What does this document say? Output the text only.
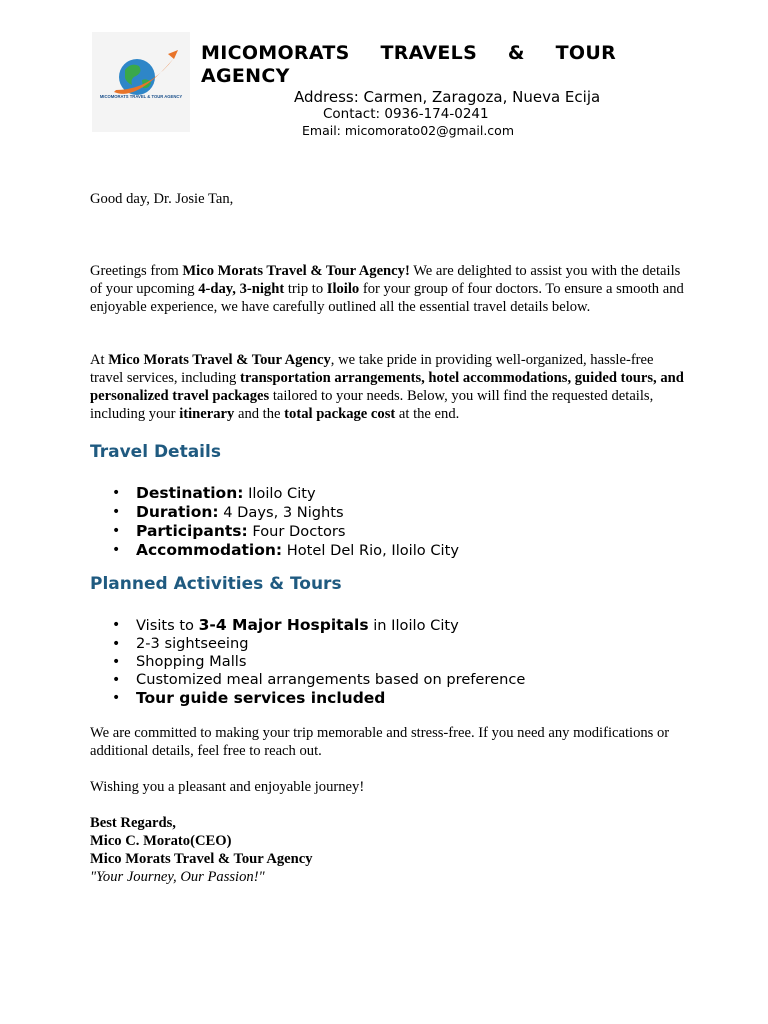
MICOMORATS TRAVEL & TOUR AGENCY
MICOMORATS TRAVELS & TOUR
AGENCY
Address: Carmen, Zaragoza, Nueva Ecija
Contact: 0936-174-0241
Email: micomorato02@gmail.com

Good day, Dr. Josie Tan,

Greetings from Mico Morats Travel & Tour Agency! We are delighted to assist you with the details of your upcoming 4-day, 3-night trip to Iloilo for your group of four doctors. To ensure a smooth and enjoyable experience, we have carefully outlined all the essential travel details below.

At Mico Morats Travel & Tour Agency, we take pride in providing well-organized, hassle-free travel services, including transportation arrangements, hotel accommodations, guided tours, and personalized travel packages tailored to your needs. Below, you will find the requested details, including your itinerary and the total package cost at the end.

Travel Details
• Destination: Iloilo City
• Duration: 4 Days, 3 Nights
• Participants: Four Doctors
• Accommodation: Hotel Del Rio, Iloilo City
Planned Activities & Tours
• Visits to 3-4 Major Hospitals in Iloilo City
• 2-3 sightseeing
• Shopping Malls
• Customized meal arrangements based on preference
• Tour guide services included

We are committed to making your trip memorable and stress-free. If you need any modifications or additional details, feel free to reach out.

Wishing you a pleasant and enjoyable journey!

Best Regards,
Mico C. Morato(CEO)
Mico Morats Travel & Tour Agency
"Your Journey, Our Passion!"
